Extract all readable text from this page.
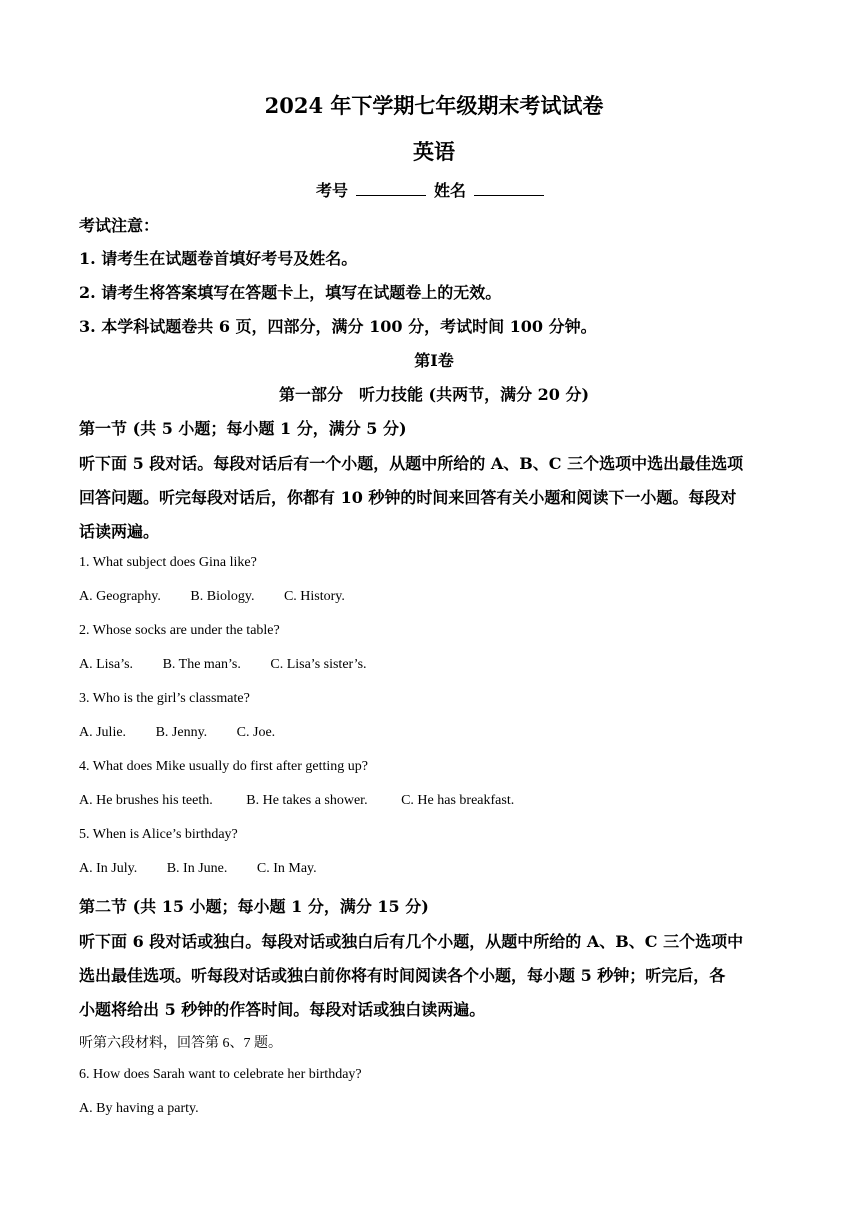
2024 年下学期七年级期末考试试卷
英语
考号	姓名
考试注意：
1. 请考生在试题卷首填好考号及姓名。
2. 请考生将答案填写在答题卡上，填写在试题卷上的无效。
3. 本学科试题卷共 6 页，四部分，满分 100 分，考试时间 100 分钟。
第Ⅰ卷
第一部分　听力技能 (共两节，满分 20 分)
第一节 (共 5 小题；每小题 1 分，满分 5 分)
听下面 5 段对话。每段对话后有一个小题，从题中所给的 A、B、C 三个选项中选出最佳选项
回答问题。听完每段对话后，你都有 10 秒钟的时间来回答有关小题和阅读下一小题。每段对
话读两遍。
1. What subject does Gina like?
A. Geography. B. Biology. C. History.
2. Whose socks are under the table?
A. Lisa’s. B. The man’s. C. Lisa’s sister’s.
3. Who is the girl’s classmate?
A. Julie. B. Jenny. C. Joe.
4. What does Mike usually do first after getting up?
A. He brushes his teeth. B. He takes a shower. C. He has breakfast.
5. When is Alice’s birthday?
A. In July. B. In June. C. In May.
第二节 (共 15 小题；每小题 1 分，满分 15 分)
听下面 6 段对话或独白。每段对话或独白后有几个小题，从题中所给的 A、B、C 三个选项中
选出最佳选项。听每段对话或独白前你将有时间阅读各个小题，每小题 5 秒钟；听完后，各
小题将给出 5 秒钟的作答时间。每段对话或独白读两遍。
听第六段材料，回答第 6、7 题。
6. How does Sarah want to celebrate her birthday?
A. By having a party.
